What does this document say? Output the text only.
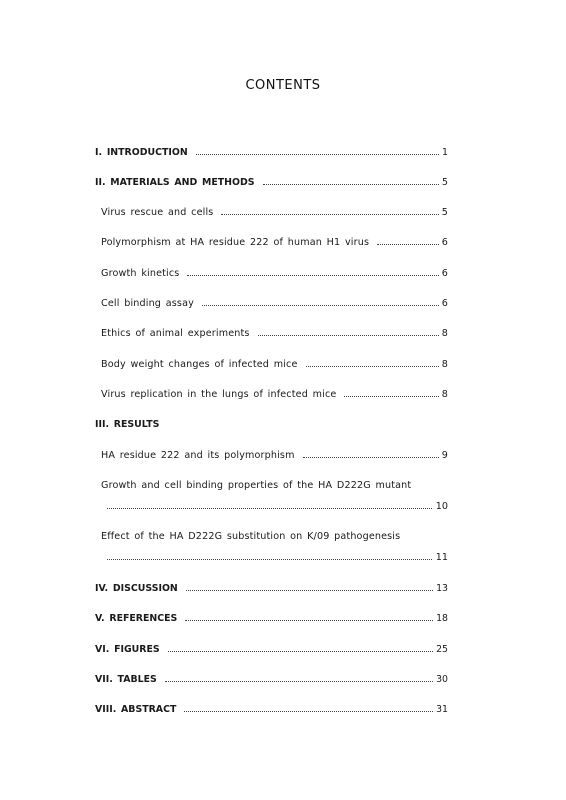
CONTENTS
I. INTRODUCTION	1
II. MATERIALS AND METHODS	5
Virus rescue and cells	5
Polymorphism at HA residue 222 of human H1 virus	6
Growth kinetics	6
Cell binding assay	6
Ethics of animal experiments	8
Body weight changes of infected mice	8
Virus replication in the lungs of infected mice	8
III. RESULTS
HA residue 222 and its polymorphism	9
Growth and cell binding properties of the HA D222G mutant
10
Effect of the HA D222G substitution on K/09 pathogenesis
11
IV. DISCUSSION	13
V. REFERENCES	18
VI. FIGURES	25
VII. TABLES	30
VIII. ABSTRACT	31
